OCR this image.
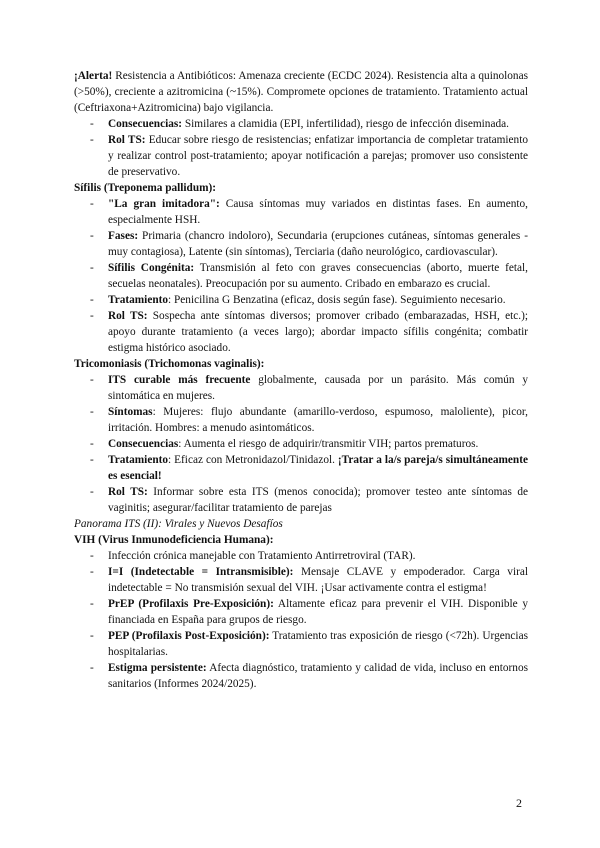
¡Alerta! Resistencia a Antibióticos: Amenaza creciente (ECDC 2024). Resistencia alta a quinolonas (>50%), creciente a azitromicina (~15%). Compromete opciones de tratamiento. Tratamiento actual (Ceftriaxona+Azitromicina) bajo vigilancia.

- Consecuencias: Similares a clamidia (EPI, infertilidad), riesgo de infección diseminada.
- Rol TS: Educar sobre riesgo de resistencias; enfatizar importancia de completar tratamiento y realizar control post-tratamiento; apoyar notificación a parejas; promover uso consistente de preservativo.

Sífilis (Treponema pallidum):

- "La gran imitadora": Causa síntomas muy variados en distintas fases. En aumento, especialmente HSH.
- Fases: Primaria (chancro indoloro), Secundaria (erupciones cutáneas, síntomas generales - muy contagiosa), Latente (sin síntomas), Terciaria (daño neurológico, cardiovascular).
- Sífilis Congénita: Transmisión al feto con graves consecuencias (aborto, muerte fetal, secuelas neonatales). Preocupación por su aumento. Cribado en embarazo es crucial.
- Tratamiento: Penicilina G Benzatina (eficaz, dosis según fase). Seguimiento necesario.
- Rol TS: Sospecha ante síntomas diversos; promover cribado (embarazadas, HSH, etc.); apoyo durante tratamiento (a veces largo); abordar impacto sífilis congénita; combatir estigma histórico asociado.

Tricomoniasis (Trichomonas vaginalis):

- ITS curable más frecuente globalmente, causada por un parásito. Más común y sintomática en mujeres.
- Síntomas: Mujeres: flujo abundante (amarillo-verdoso, espumoso, maloliente), picor, irritación. Hombres: a menudo asintomáticos.
- Consecuencias: Aumenta el riesgo de adquirir/transmitir VIH; partos prematuros.
- Tratamiento: Eficaz con Metronidazol/Tinidazol. ¡Tratar a la/s pareja/s simultáneamente es esencial!
- Rol TS: Informar sobre esta ITS (menos conocida); promover testeo ante síntomas de vaginitis; asegurar/facilitar tratamiento de parejas

Panorama ITS (II): Virales y Nuevos Desafíos

VIH (Virus Inmunodeficiencia Humana):

- Infección crónica manejable con Tratamiento Antirretroviral (TAR).
- I=I (Indetectable = Intransmisible): Mensaje CLAVE y empoderador. Carga viral indetectable = No transmisión sexual del VIH. ¡Usar activamente contra el estigma!
- PrEP (Profilaxis Pre-Exposición): Altamente eficaz para prevenir el VIH. Disponible y financiada en España para grupos de riesgo.
- PEP (Profilaxis Post-Exposición): Tratamiento tras exposición de riesgo (<72h). Urgencias hospitalarias.
- Estigma persistente: Afecta diagnóstico, tratamiento y calidad de vida, incluso en entornos sanitarios (Informes 2024/2025).
2
